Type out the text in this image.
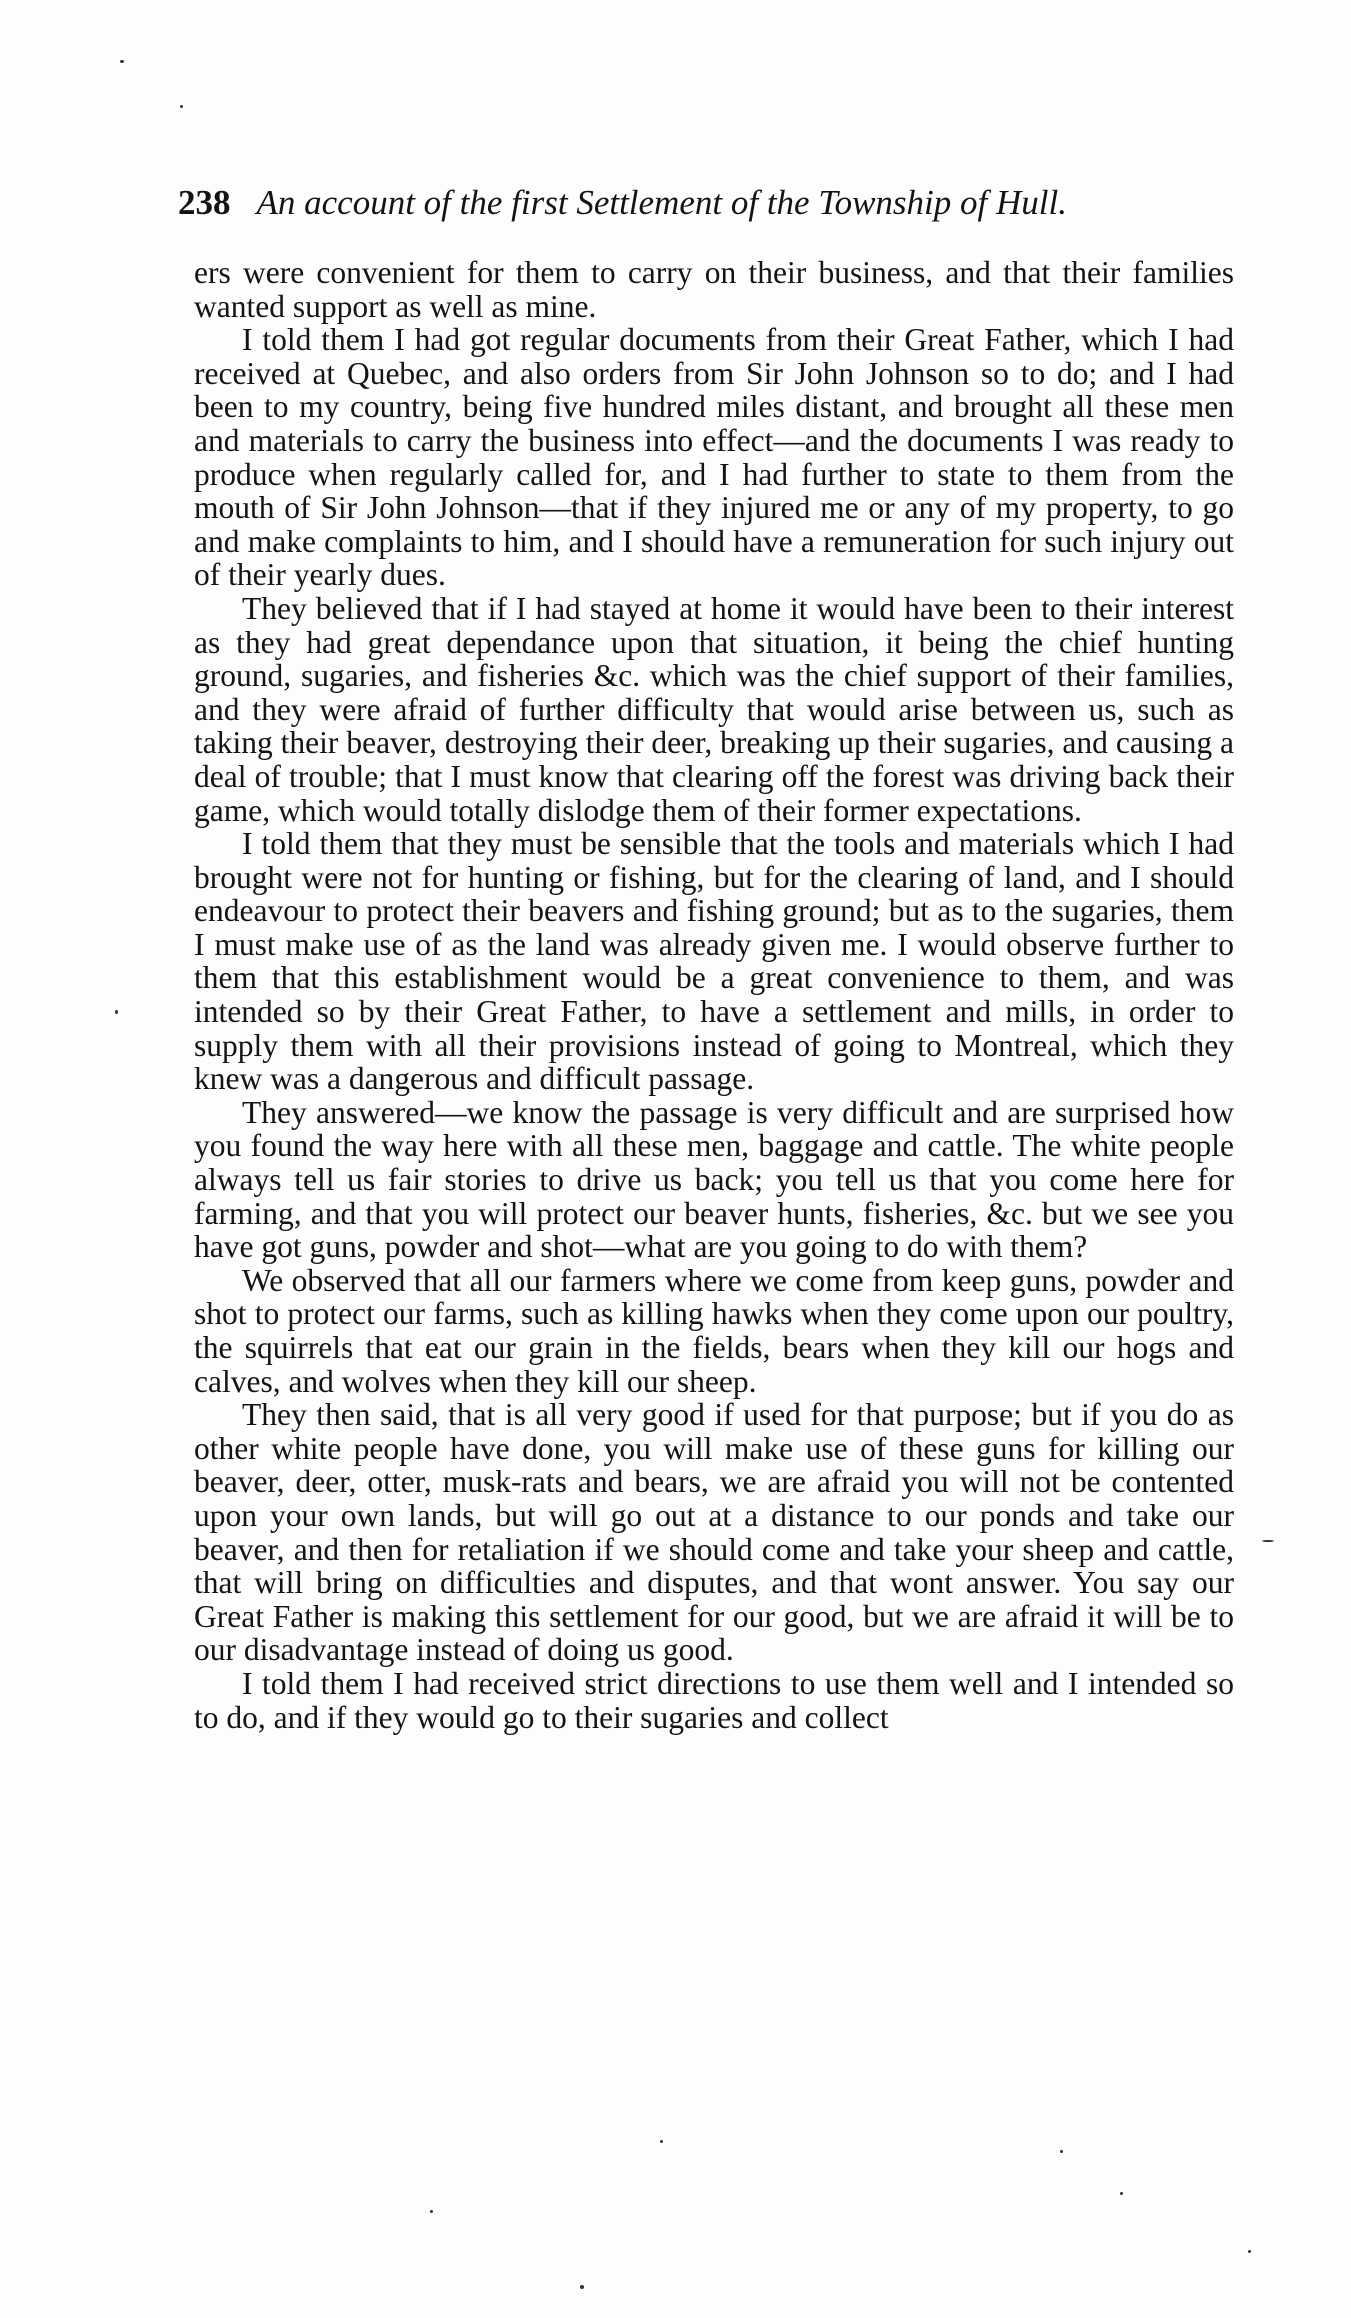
238 An account of the first Settlement of the Township of Hull.

ers were convenient for them to carry on their business, and that their families wanted support as well as mine.

I told them I had got regular documents from their Great Father, which I had received at Quebec, and also orders from Sir John Johnson so to do; and I had been to my country, being five hundred miles distant, and brought all these men and materials to carry the business into effect—and the documents I was ready to produce when regularly called for, and I had further to state to them from the mouth of Sir John Johnson—that if they injured me or any of my property, to go and make complaints to him, and I should have a remuneration for such injury out of their yearly dues.

They believed that if I had stayed at home it would have been to their interest as they had great dependance upon that situation, it being the chief hunting ground, sugaries, and fisheries &c. which was the chief support of their families, and they were afraid of further difficulty that would arise between us, such as taking their beaver, destroying their deer, breaking up their sugaries, and causing a deal of trouble; that I must know that clearing off the forest was driving back their game, which would totally dislodge them of their former expectations.

I told them that they must be sensible that the tools and materials which I had brought were not for hunting or fishing, but for the clearing of land, and I should endeavour to protect their beavers and fishing ground; but as to the sugaries, them I must make use of as the land was already given me. I would observe further to them that this establishment would be a great convenience to them, and was intended so by their Great Father, to have a settlement and mills, in order to supply them with all their provisions instead of going to Montreal, which they knew was a dangerous and difficult passage.

They answered—we know the passage is very difficult and are surprised how you found the way here with all these men, baggage and cattle. The white people always tell us fair stories to drive us back; you tell us that you come here for farming, and that you will protect our beaver hunts, fisheries, &c. but we see you have got guns, powder and shot—what are you going to do with them?

We observed that all our farmers where we come from keep guns, powder and shot to protect our farms, such as killing hawks when they come upon our poultry, the squirrels that eat our grain in the fields, bears when they kill our hogs and calves, and wolves when they kill our sheep.

They then said, that is all very good if used for that purpose; but if you do as other white people have done, you will make use of these guns for killing our beaver, deer, otter, musk-rats and bears, we are afraid you will not be contented upon your own lands, but will go out at a distance to our ponds and take our beaver, and then for retaliation if we should come and take your sheep and cattle, that will bring on difficulties and disputes, and that wont answer. You say our Great Father is making this settlement for our good, but we are afraid it will be to our disadvantage instead of doing us good.

I told them I had received strict directions to use them well and I intended so to do, and if they would go to their sugaries and collect
